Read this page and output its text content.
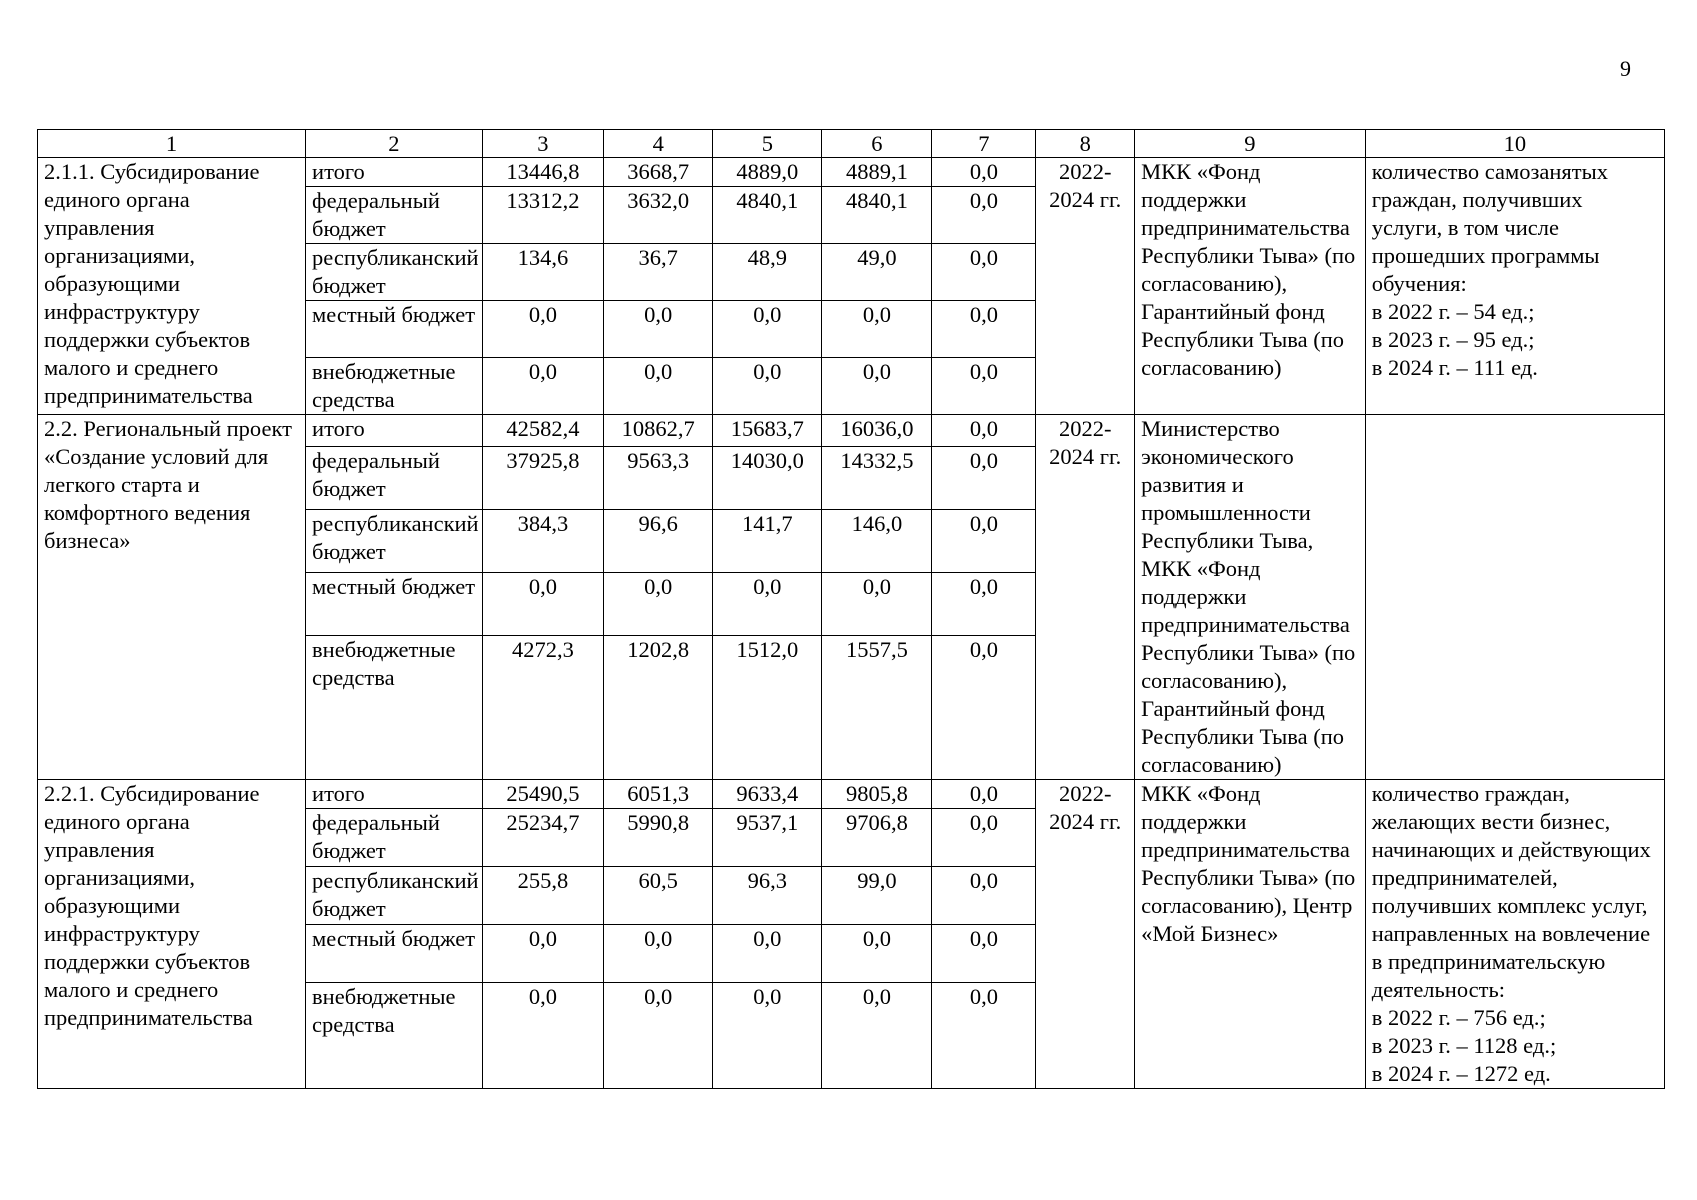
9
1	2	3	4	5	6	7	8	9	10
2.1.1. Субсидирование единого органа управления организациями, образующими инфраструктуру поддержки субъектов малого и среднего предпринимательства	итого	13446,8	3668,7	4889,0	4889,1	0,0	2022-2024 гг.	МКК «Фонд поддержки предпринимательства Республики Тыва» (по согласованию), Гарантийный фонд Республики Тыва (по согласованию)	количество самозанятых граждан, получивших услуги, в том числе прошедших программы обучения:
в 2022 г. – 54 ед.;
в 2023 г. – 95 ед.;
в 2024 г. – 111 ед.

	федеральный бюджет	13312,2	3632,0	4840,1	4840,1	0,0			
	республиканский бюджет	134,6	36,7	48,9	49,0	0,0			
	местный бюджет	0,0	0,0	0,0	0,0	0,0			
	внебюджетные средства	0,0	0,0	0,0	0,0	0,0			
2.2. Региональный проект «Создание условий для легкого старта и комфортного ведения бизнеса»	итого	42582,4	10862,7	15683,7	16036,0	0,0	2022-2024 гг.	Министерство экономического развития и промышленности Республики Тыва, МКК «Фонд поддержки предпринимательства Республики Тыва» (по согласованию), Гарантийный фонд Республики Тыва (по согласованию)	
	федеральный бюджет	37925,8	9563,3	14030,0	14332,5	0,0			
	республиканский бюджет	384,3	96,6	141,7	146,0	0,0			
	местный бюджет	0,0	0,0	0,0	0,0	0,0			
	внебюджетные средства	4272,3	1202,8	1512,0	1557,5	0,0			
2.2.1. Субсидирование единого органа управления организациями, образующими инфраструктуру поддержки субъектов малого и среднего предпринимательства	итого	25490,5	6051,3	9633,4	9805,8	0,0	2022-2024 гг.	МКК «Фонд поддержки предпринимательства Республики Тыва» (по согласованию), Центр «Мой Бизнес»	количество граждан, желающих вести бизнес, начинающих и действующих предпринимателей, получивших комплекс услуг, направленных на вовлечение в предпринимательскую деятельность:
в 2022 г. – 756 ед.;
в 2023 г. – 1128 ед.;
в 2024 г. – 1272 ед.

	федеральный бюджет	25234,7	5990,8	9537,1	9706,8	0,0			
	республиканский бюджет	255,8	60,5	96,3	99,0	0,0			
	местный бюджет	0,0	0,0	0,0	0,0	0,0			
	внебюджетные средства	0,0	0,0	0,0	0,0	0,0			
